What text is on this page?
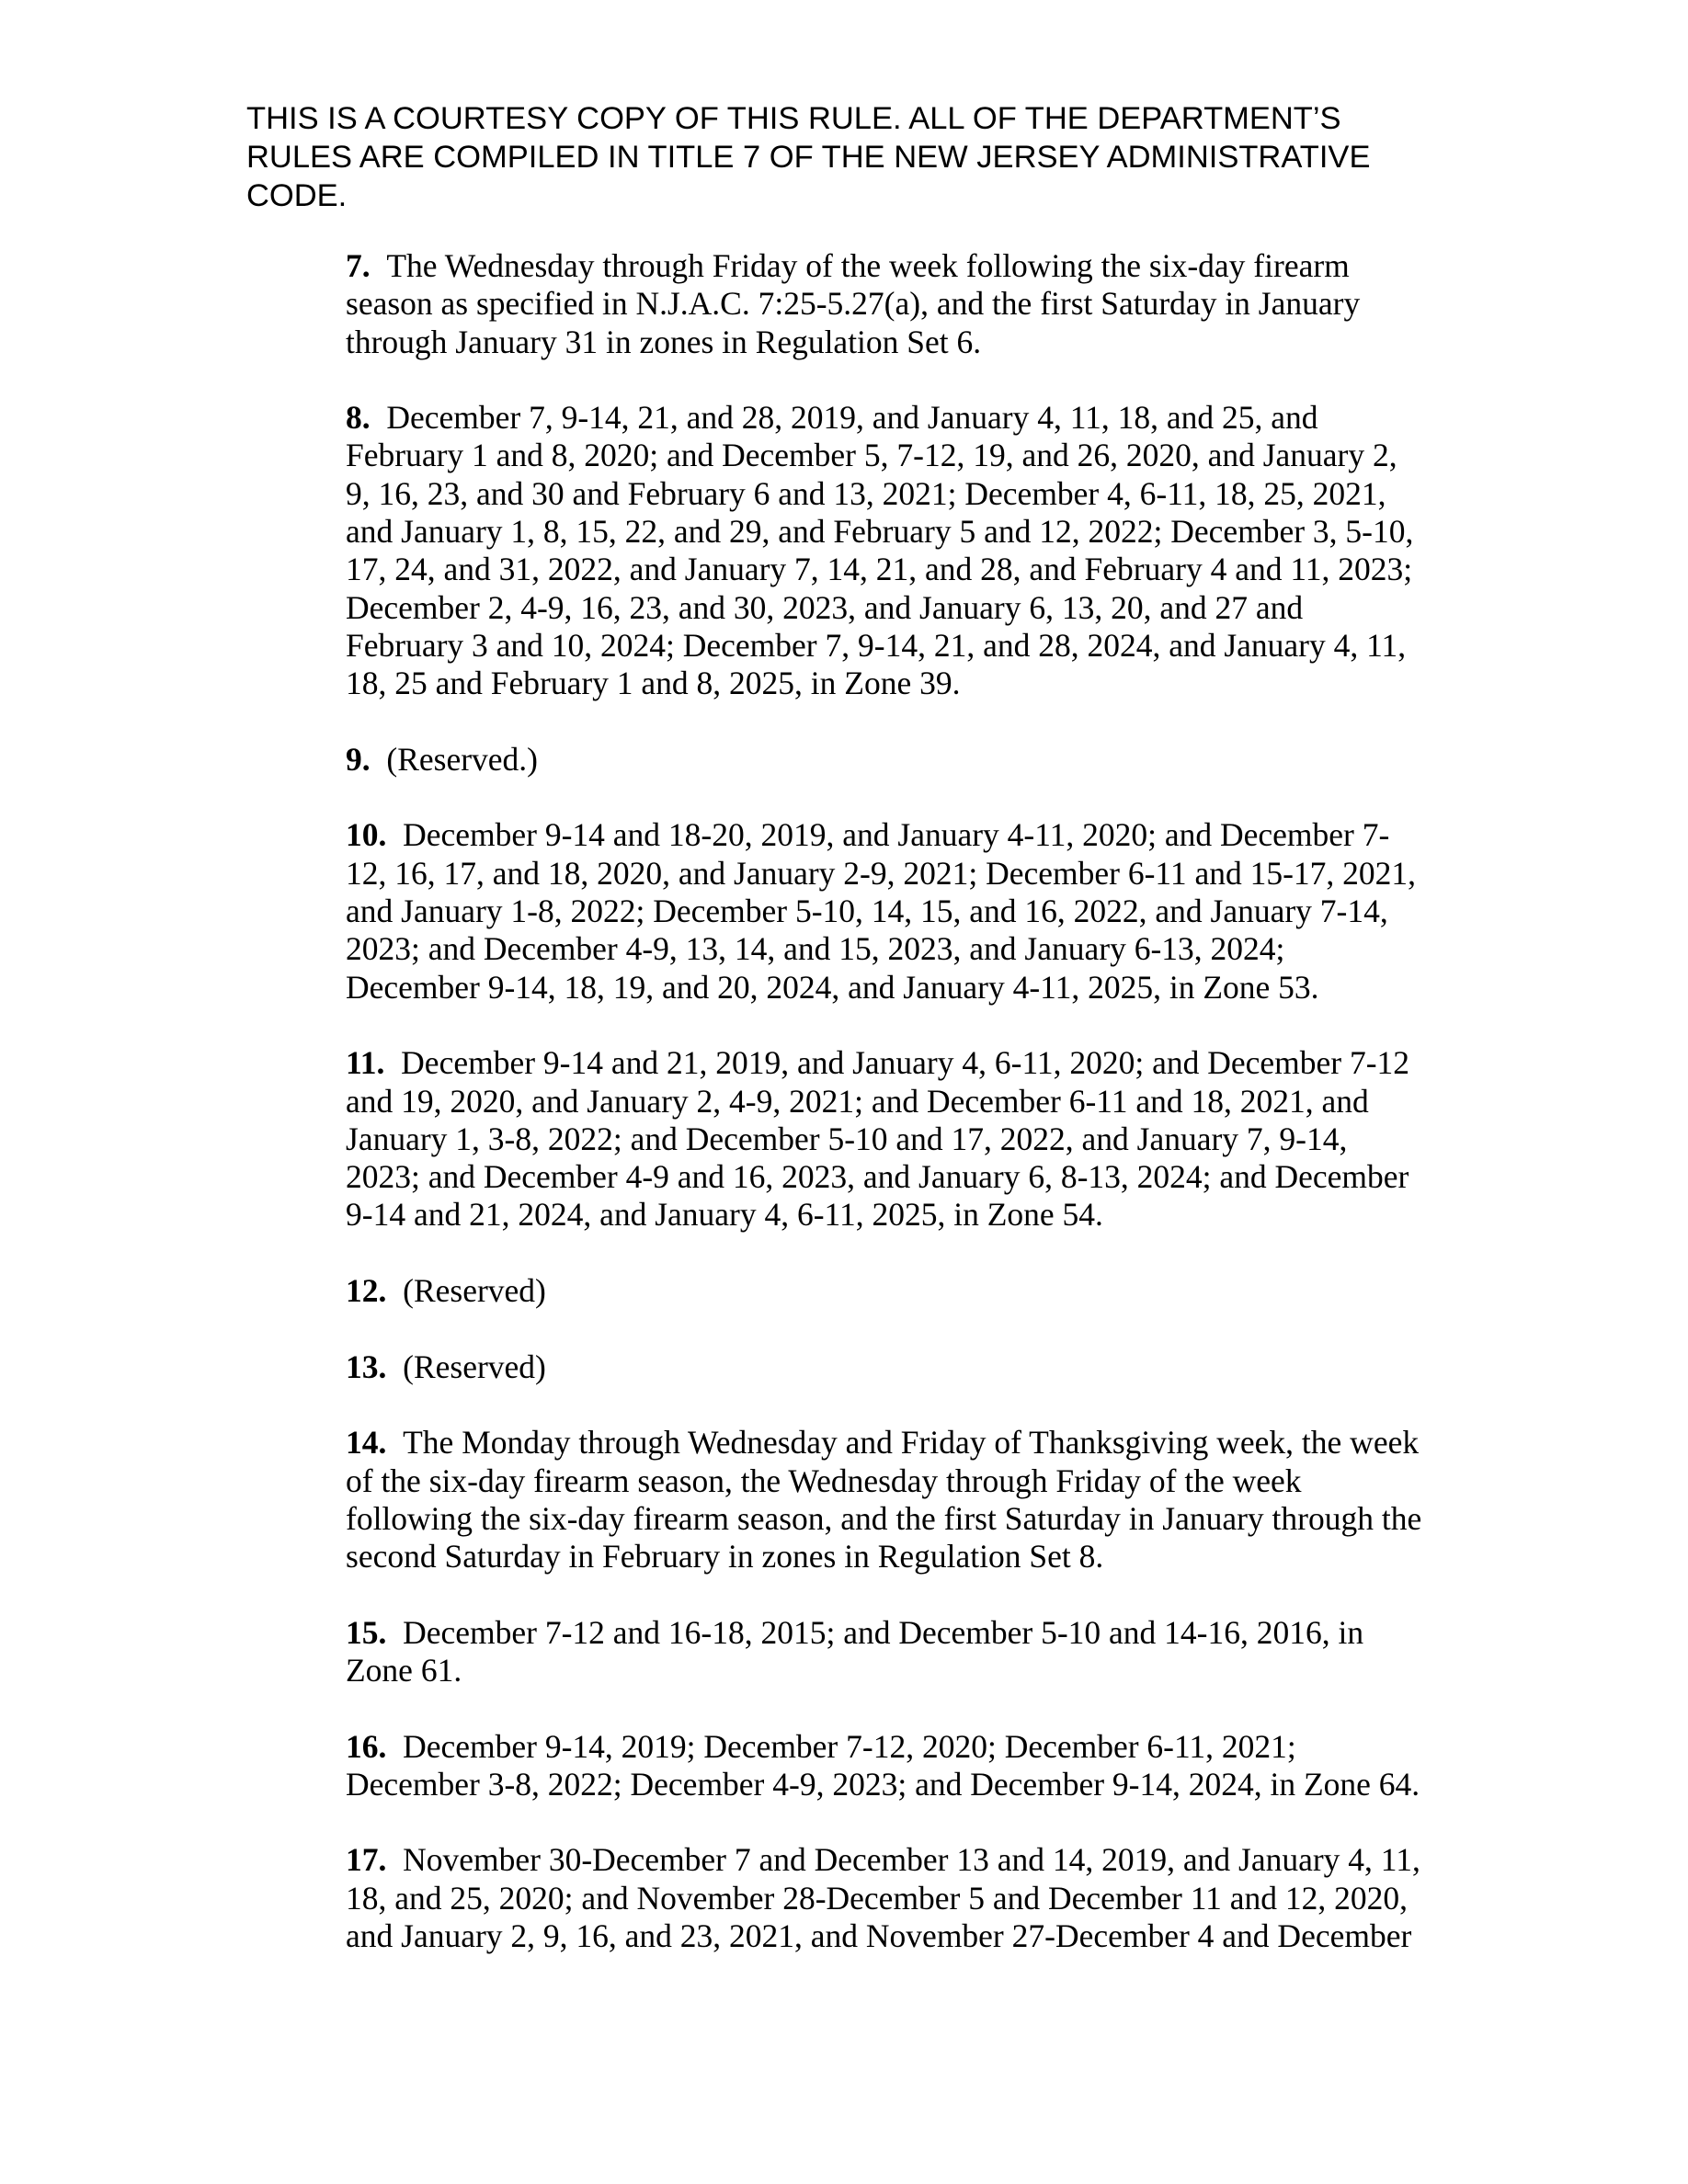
THIS IS A COURTESY COPY OF THIS RULE. ALL OF THE DEPARTMENT’S
RULES ARE COMPILED IN TITLE 7 OF THE NEW JERSEY ADMINISTRATIVE
CODE.
7. The Wednesday through Friday of the week following the six-day firearm
season as specified in N.J.A.C. 7:25-5.27(a), and the first Saturday in January
through January 31 in zones in Regulation Set 6.
8. December 7, 9-14, 21, and 28, 2019, and January 4, 11, 18, and 25, and
February 1 and 8, 2020; and December 5, 7-12, 19, and 26, 2020, and January 2,
9, 16, 23, and 30 and February 6 and 13, 2021; December 4, 6-11, 18, 25, 2021,
and January 1, 8, 15, 22, and 29, and February 5 and 12, 2022; December 3, 5-10,
17, 24, and 31, 2022, and January 7, 14, 21, and 28, and February 4 and 11, 2023;
December 2, 4-9, 16, 23, and 30, 2023, and January 6, 13, 20, and 27 and
February 3 and 10, 2024; December 7, 9-14, 21, and 28, 2024, and January 4, 11,
18, 25 and February 1 and 8, 2025, in Zone 39.
9. (Reserved.)
10. December 9-14 and 18-20, 2019, and January 4-11, 2020; and December 7-
12, 16, 17, and 18, 2020, and January 2-9, 2021; December 6-11 and 15-17, 2021,
and January 1-8, 2022; December 5-10, 14, 15, and 16, 2022, and January 7-14,
2023; and December 4-9, 13, 14, and 15, 2023, and January 6-13, 2024;
December 9-14, 18, 19, and 20, 2024, and January 4-11, 2025, in Zone 53.
11. December 9-14 and 21, 2019, and January 4, 6-11, 2020; and December 7-12
and 19, 2020, and January 2, 4-9, 2021; and December 6-11 and 18, 2021, and
January 1, 3-8, 2022; and December 5-10 and 17, 2022, and January 7, 9-14,
2023; and December 4-9 and 16, 2023, and January 6, 8-13, 2024; and December
9-14 and 21, 2024, and January 4, 6-11, 2025, in Zone 54.
12. (Reserved)
13. (Reserved)
14. The Monday through Wednesday and Friday of Thanksgiving week, the week
of the six-day firearm season, the Wednesday through Friday of the week
following the six-day firearm season, and the first Saturday in January through the
second Saturday in February in zones in Regulation Set 8.
15. December 7-12 and 16-18, 2015; and December 5-10 and 14-16, 2016, in
Zone 61.
16. December 9-14, 2019; December 7-12, 2020; December 6-11, 2021;
December 3-8, 2022; December 4-9, 2023; and December 9-14, 2024, in Zone 64.
17. November 30-December 7 and December 13 and 14, 2019, and January 4, 11,
18, and 25, 2020; and November 28-December 5 and December 11 and 12, 2020,
and January 2, 9, 16, and 23, 2021, and November 27-December 4 and December
